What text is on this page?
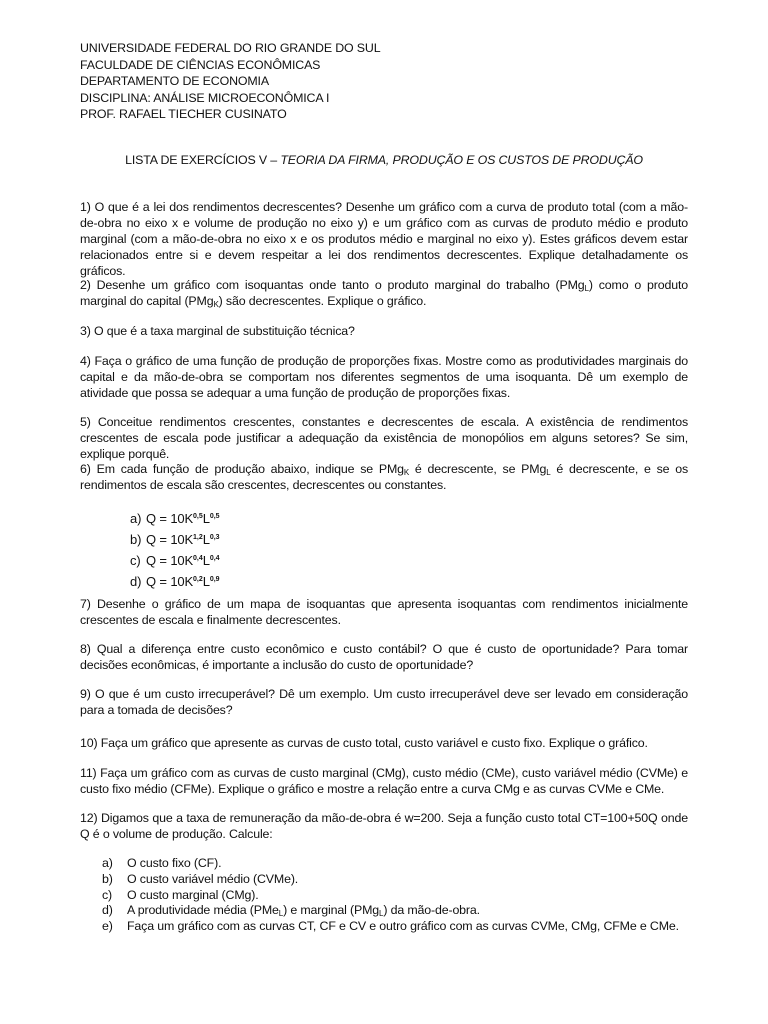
UNIVERSIDADE FEDERAL DO RIO GRANDE DO SUL
FACULDADE DE CIÊNCIAS ECONÔMICAS
DEPARTAMENTO DE ECONOMIA
DISCIPLINA: ANÁLISE MICROECONÔMICA I
PROF. RAFAEL TIECHER CUSINATO
LISTA DE EXERCÍCIOS V – TEORIA DA FIRMA, PRODUÇÃO E OS CUSTOS DE PRODUÇÃO

1) O que é a lei dos rendimentos decrescentes? Desenhe um gráfico com a curva de produto total (com a mão-de-obra no eixo x e volume de produção no eixo y) e um gráfico com as curvas de produto médio e produto marginal (com a mão-de-obra no eixo x e os produtos médio e marginal no eixo y). Estes gráficos devem estar relacionados entre si e devem respeitar a lei dos rendimentos decrescentes. Explique detalhadamente os gráficos.

2) Desenhe um gráfico com isoquantas onde tanto o produto marginal do trabalho (PMg$_L$) como o produto marginal do capital (PMg$_K$) são decrescentes. Explique o gráfico.

3) O que é a taxa marginal de substituição técnica?

4) Faça o gráfico de uma função de produção de proporções fixas. Mostre como as produtividades marginais do capital e da mão-de-obra se comportam nos diferentes segmentos de uma isoquanta. Dê um exemplo de atividade que possa se adequar a uma função de produção de proporções fixas.

5) Conceitue rendimentos crescentes, constantes e decrescentes de escala. A existência de rendimentos crescentes de escala pode justificar a adequação da existência de monopólios em alguns setores? Se sim, explique porquê.

6) Em cada função de produção abaixo, indique se PMg$_K$ é decrescente, se PMg$_L$ é decrescente, e se os rendimentos de escala são crescentes, decrescentes ou constantes.

a) $Q = 10K^{0,5}L^{0,5}$
b) $Q = 10K^{1,2}L^{0,3}$
c) $Q = 10K^{0,4}L^{0,4}$
d) $Q = 10K^{0,2}L^{0,9}$

7) Desenhe o gráfico de um mapa de isoquantas que apresenta isoquantas com rendimentos inicialmente crescentes de escala e finalmente decrescentes.

8) Qual a diferença entre custo econômico e custo contábil? O que é custo de oportunidade? Para tomar decisões econômicas, é importante a inclusão do custo de oportunidade?

9) O que é um custo irrecuperável? Dê um exemplo. Um custo irrecuperável deve ser levado em consideração para a tomada de decisões?

10) Faça um gráfico que apresente as curvas de custo total, custo variável e custo fixo. Explique o gráfico.

11) Faça um gráfico com as curvas de custo marginal (CMg), custo médio (CMe), custo variável médio (CVMe) e custo fixo médio (CFMe). Explique o gráfico e mostre a relação entre a curva CMg e as curvas CVMe e CMe.

12) Digamos que a taxa de remuneração da mão-de-obra é w=200. Seja a função custo total CT=100+50Q onde Q é o volume de produção. Calcule:

a) O custo fixo (CF).
b) O custo variável médio (CVMe).
c) O custo marginal (CMg).
d) A produtividade média (PMe$_L$) e marginal (PMg$_L$) da mão-de-obra.
e) Faça um gráfico com as curvas CT, CF e CV e outro gráfico com as curvas CVMe, CMg, CFMe e CMe.
